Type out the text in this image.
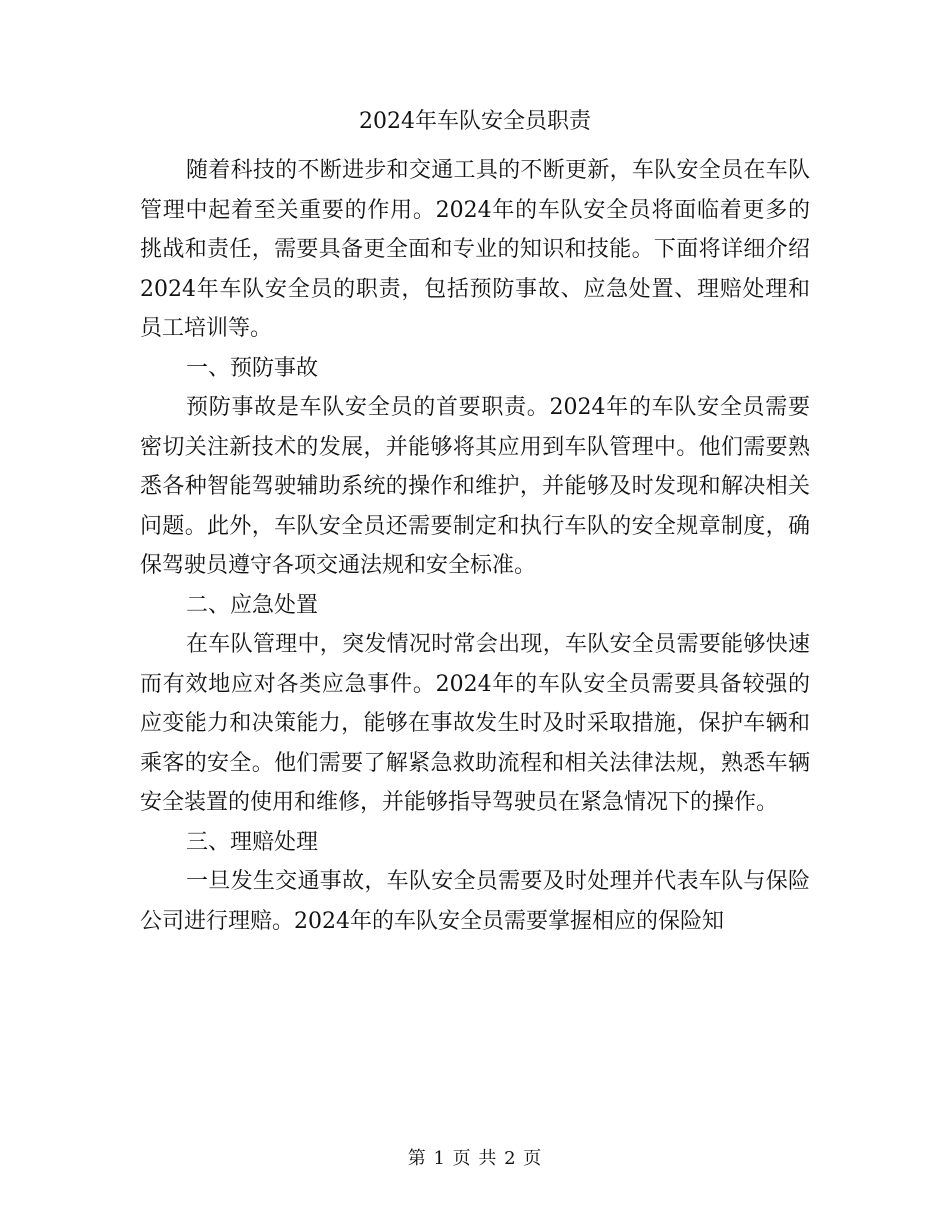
2024年车队安全员职责

随着科技的不断进步和交通工具的不断更新，车队安全员在车队管理中起着至关重要的作用。2024年的车队安全员将面临着更多的挑战和责任，需要具备更全面和专业的知识和技能。下面将详细介绍2024年车队安全员的职责，包括预防事故、应急处置、理赔处理和员工培训等。

一、预防事故

预防事故是车队安全员的首要职责。2024年的车队安全员需要密切关注新技术的发展，并能够将其应用到车队管理中。他们需要熟悉各种智能驾驶辅助系统的操作和维护，并能够及时发现和解决相关问题。此外，车队安全员还需要制定和执行车队的安全规章制度，确保驾驶员遵守各项交通法规和安全标准。

二、应急处置

在车队管理中，突发情况时常会出现，车队安全员需要能够快速而有效地应对各类应急事件。2024年的车队安全员需要具备较强的应变能力和决策能力，能够在事故发生时及时采取措施，保护车辆和乘客的安全。他们需要了解紧急救助流程和相关法律法规，熟悉车辆安全装置的使用和维修，并能够指导驾驶员在紧急情况下的操作。

三、理赔处理

一旦发生交通事故，车队安全员需要及时处理并代表车队与保险公司进行理赔。2024年的车队安全员需要掌握相应的保险知

第 1 页 共 2 页
